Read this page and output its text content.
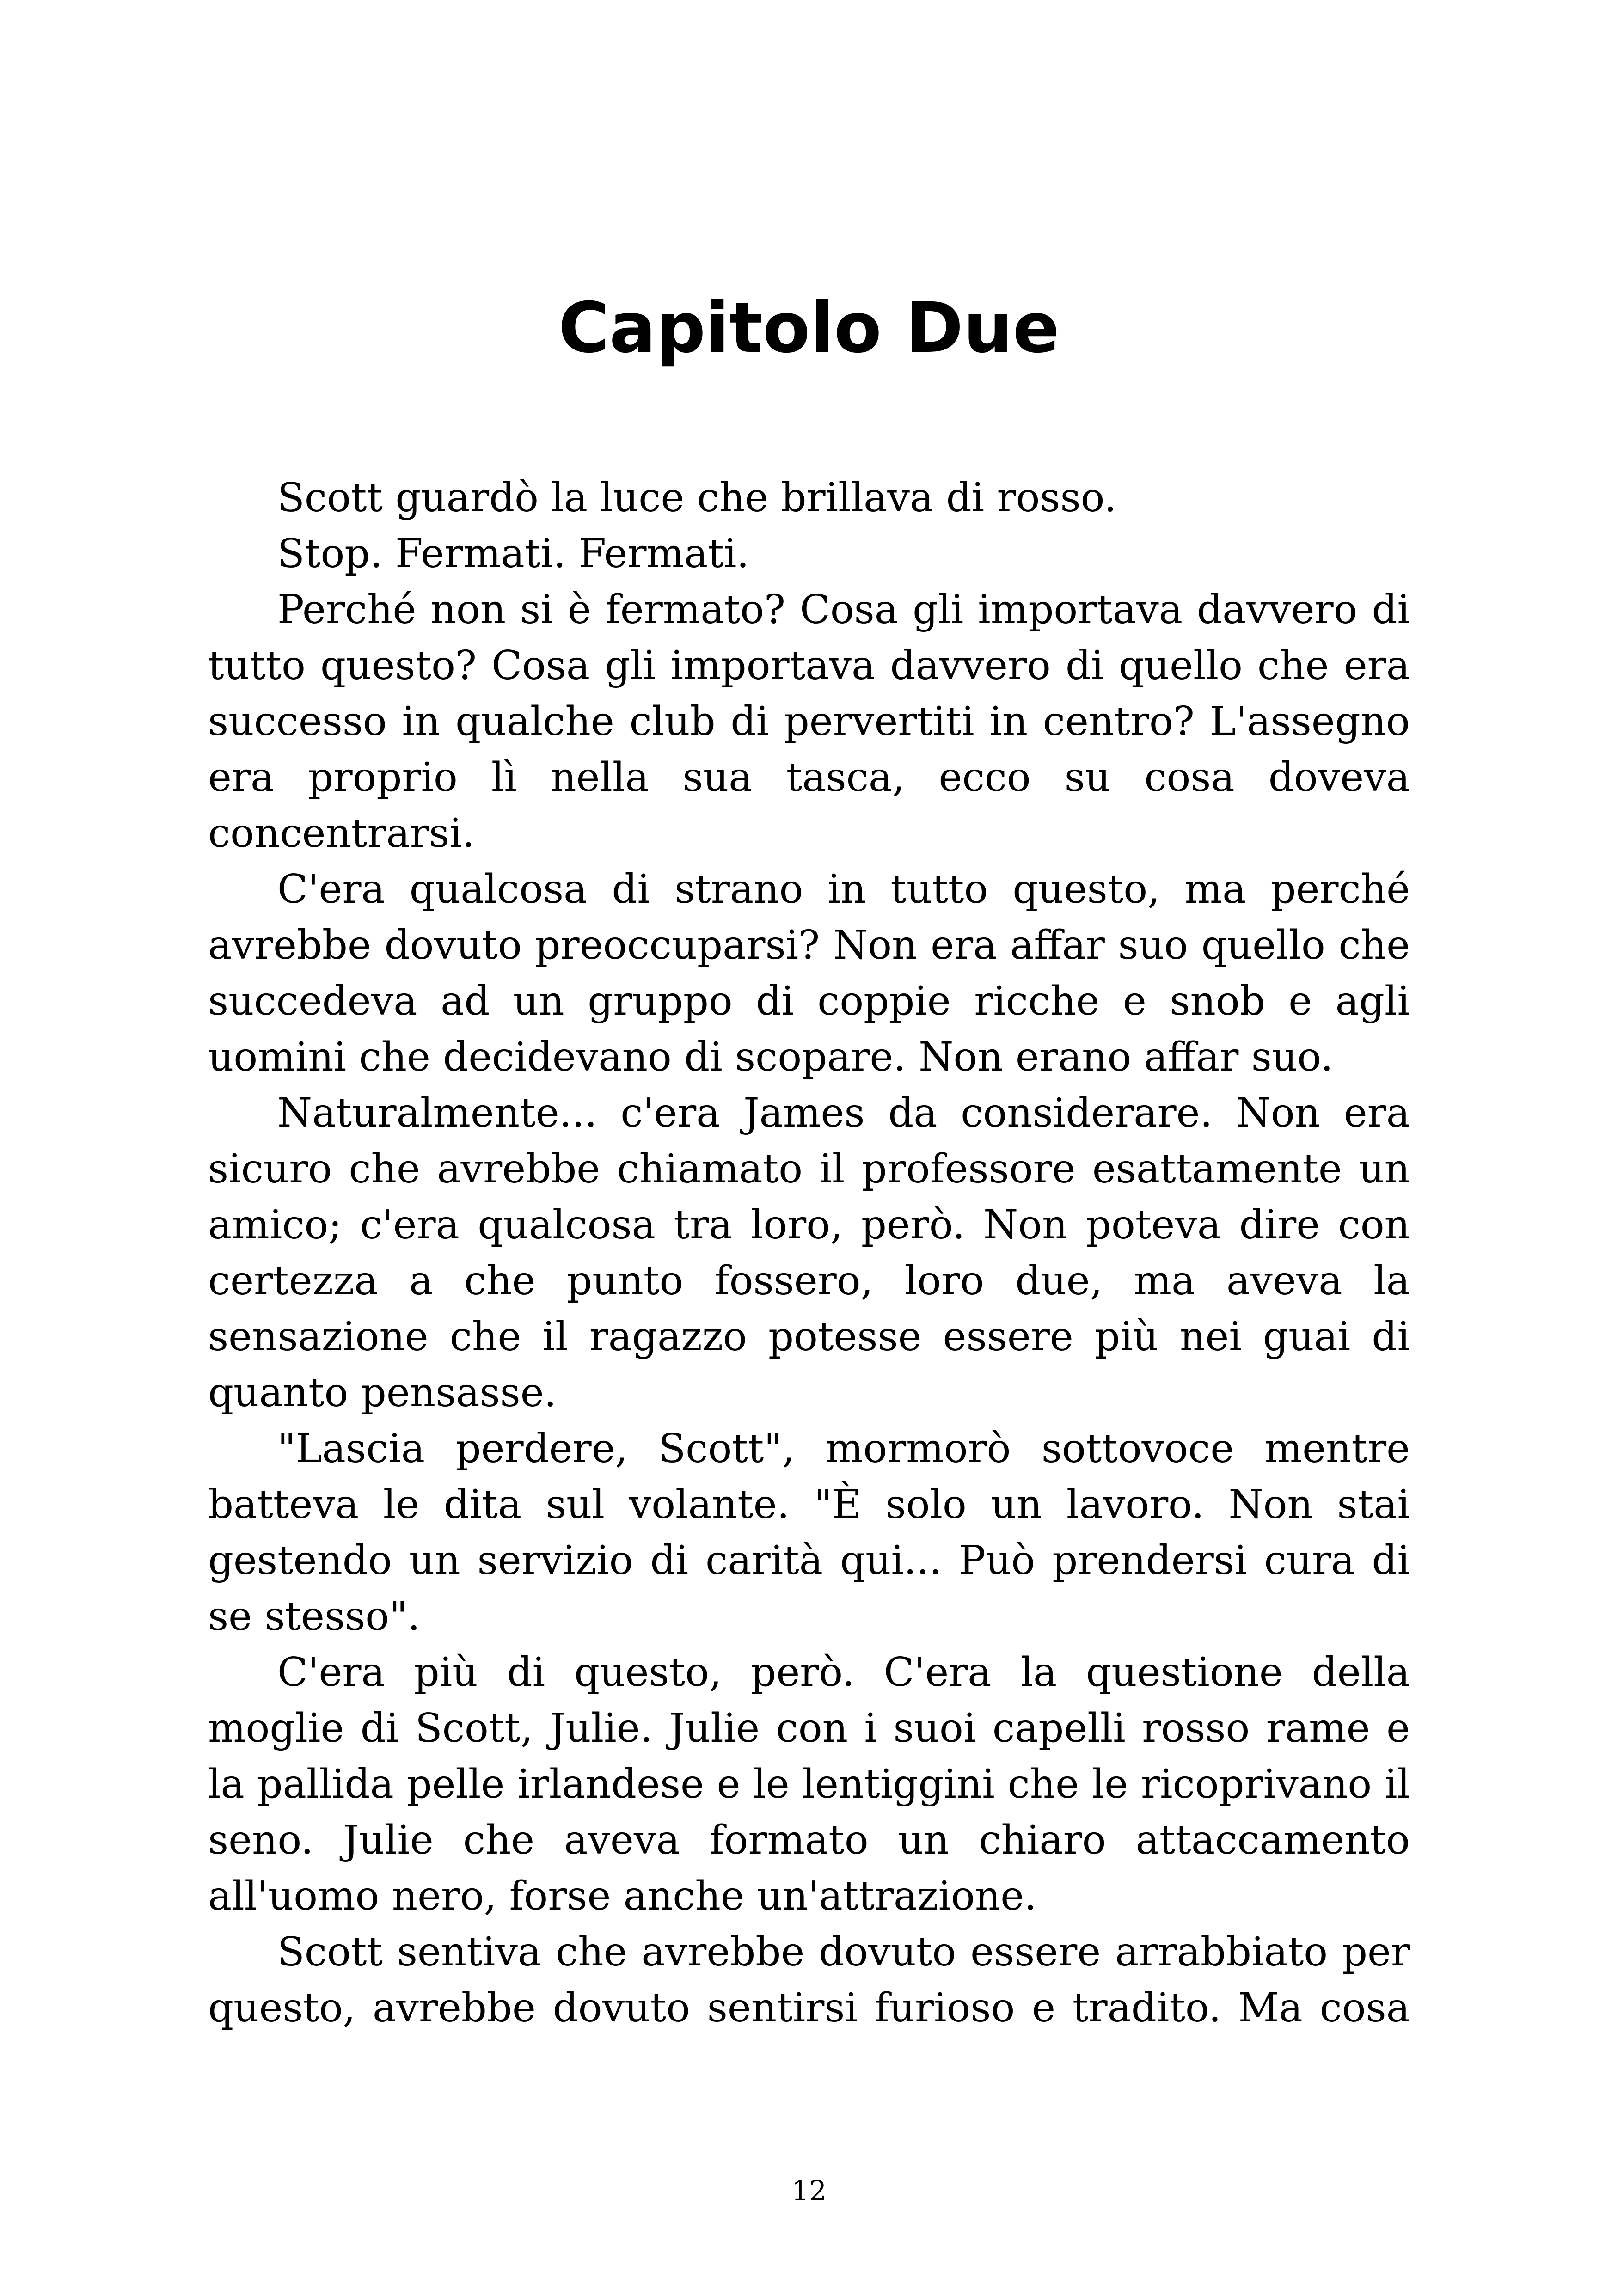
Capitolo Due

Scott guardò la luce che brillava di rosso.

Stop. Fermati. Fermati.

Perché non si è fermato? Cosa gli importava davvero di tutto questo? Cosa gli importava davvero di quello che era successo in qualche club di pervertiti in centro? L'assegno era proprio lì nella sua tasca, ecco su cosa doveva concentrarsi.

C'era qualcosa di strano in tutto questo, ma perché avrebbe dovuto preoccuparsi? Non era affar suo quello che succedeva ad un gruppo di coppie ricche e snob e agli uomini che decidevano di scopare. Non erano affar suo.

Naturalmente... c'era James da considerare. Non era sicuro che avrebbe chiamato il professore esattamente un amico; c'era qualcosa tra loro, però. Non poteva dire con certezza a che punto fossero, loro due, ma aveva la sensazione che il ragazzo potesse essere più nei guai di quanto pensasse.

"Lascia perdere, Scott", mormorò sottovoce mentre batteva le dita sul volante. "È solo un lavoro. Non stai gestendo un servizio di carità qui... Può prendersi cura di se stesso".

C'era più di questo, però. C'era la questione della moglie di Scott, Julie. Julie con i suoi capelli rosso rame e la pallida pelle irlandese e le lentiggini che le ricoprivano il seno. Julie che aveva formato un chiaro attaccamento all'uomo nero, forse anche un'attrazione.

Scott sentiva che avrebbe dovuto essere arrabbiato per questo, avrebbe dovuto sentirsi furioso e tradito. Ma cosa

12
